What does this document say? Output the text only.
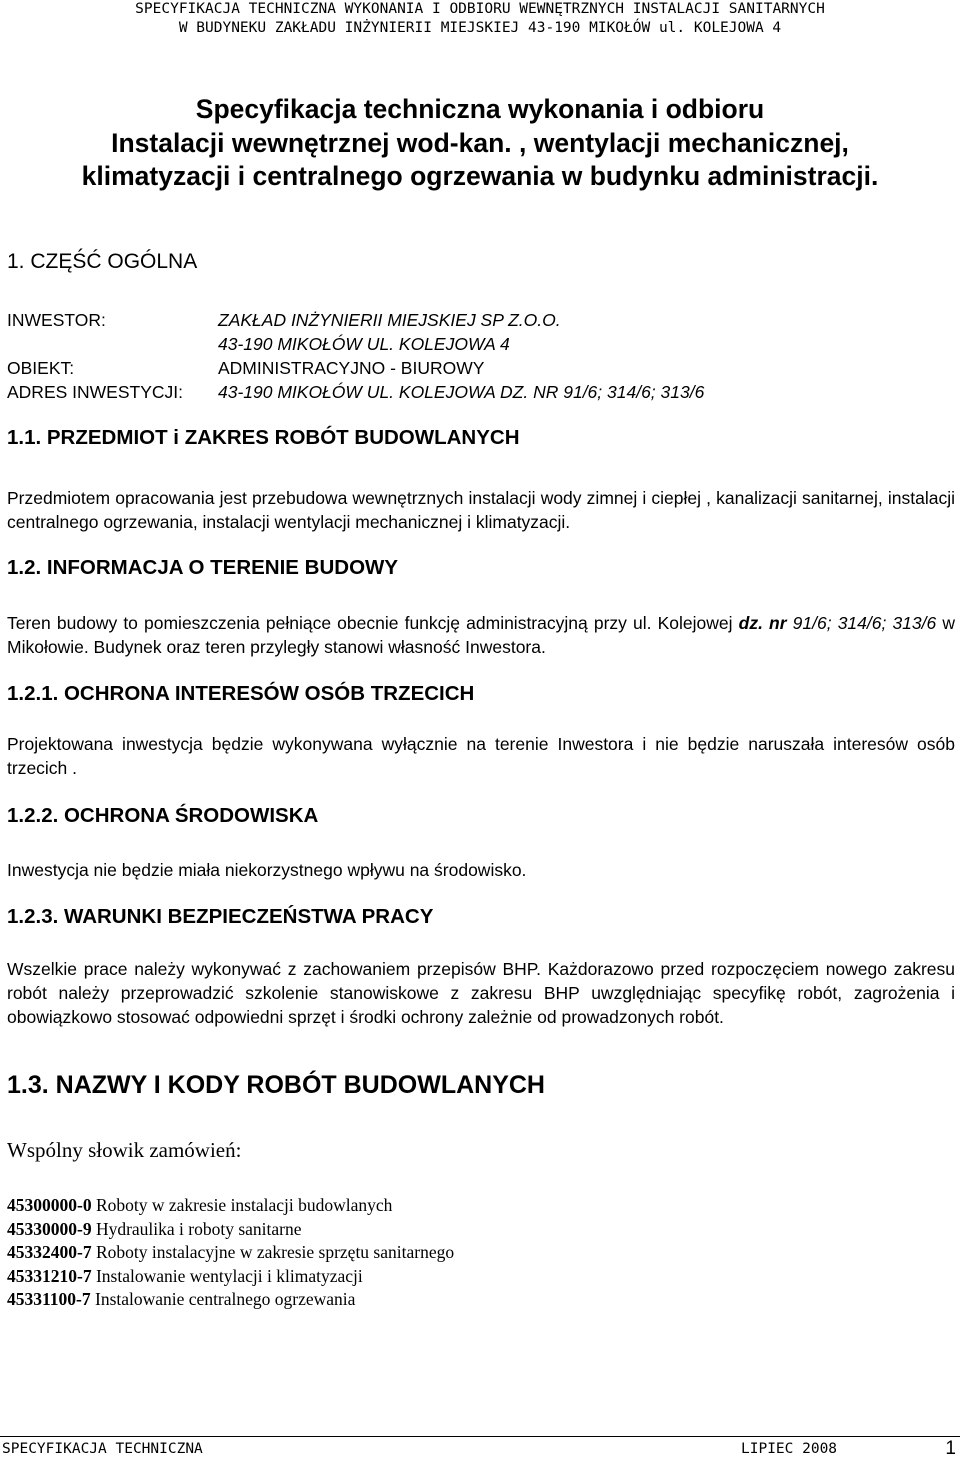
SPECYFIKACJA TECHNICZNA WYKONANIA I ODBIORU WEWNĘTRZNYCH INSTALACJI SANITARNYCH
W BUDYNEKU ZAKŁADU INŻYNIERII MIEJSKIEJ 43-190 MIKOŁÓW ul. KOLEJOWA 4
Specyfikacja techniczna wykonania i odbioru
Instalacji wewnętrznej wod-kan. , wentylacji mechanicznej,
klimatyzacji i centralnego ogrzewania w budynku administracji.
1. CZĘŚĆ OGÓLNA
INWESTOR:	ZAKŁAD INŻYNIERII MIEJSKIEJ SP Z.O.O.
43-190 MIKOŁÓW UL. KOLEJOWA 4
OBIEKT:	ADMINISTRACYJNO - BIUROWY
ADRES INWESTYCJI: 43-190 MIKOŁÓW UL. KOLEJOWA DZ. NR 91/6; 314/6; 313/6
1.1. PRZEDMIOT i ZAKRES ROBÓT BUDOWLANYCH
Przedmiotem opracowania jest przebudowa wewnętrznych instalacji wody zimnej i ciepłej , kanalizacji sanitarnej, instalacji centralnego ogrzewania, instalacji wentylacji mechanicznej i klimatyzacji.
1.2. INFORMACJA O TERENIE BUDOWY
Teren budowy to pomieszczenia pełniące obecnie funkcję administracyjną przy ul. Kolejowej dz. nr 91/6; 314/6; 313/6 w Mikołowie. Budynek oraz teren przyległy stanowi własność Inwestora.
1.2.1. OCHRONA INTERESÓW OSÓB TRZECICH
Projektowana inwestycja będzie wykonywana wyłącznie na terenie Inwestora i nie będzie naruszała interesów osób trzecich .
1.2.2. OCHRONA ŚRODOWISKA
Inwestycja nie będzie miała niekorzystnego wpływu na środowisko.
1.2.3. WARUNKI BEZPIECZEŃSTWA PRACY
Wszelkie prace należy wykonywać z zachowaniem przepisów BHP. Każdorazowo przed rozpoczęciem nowego zakresu robót należy przeprowadzić szkolenie stanowiskowe z zakresu BHP uwzględniając specyfikę robót, zagrożenia i obowiązkowo stosować odpowiedni sprzęt i środki ochrony zależnie od prowadzonych robót.
1.3. NAZWY I KODY ROBÓT BUDOWLANYCH
Wspólny słowik zamówień:
45300000-0 Roboty w zakresie instalacji budowlanych
45330000-9 Hydraulika i roboty sanitarne
45332400-7 Roboty instalacyjne w zakresie sprzętu sanitarnego
45331210-7 Instalowanie wentylacji i klimatyzacji
45331100-7 Instalowanie centralnego ogrzewania
SPECYFIKACJA TECHNICZNA	LIPIEC 2008	1
